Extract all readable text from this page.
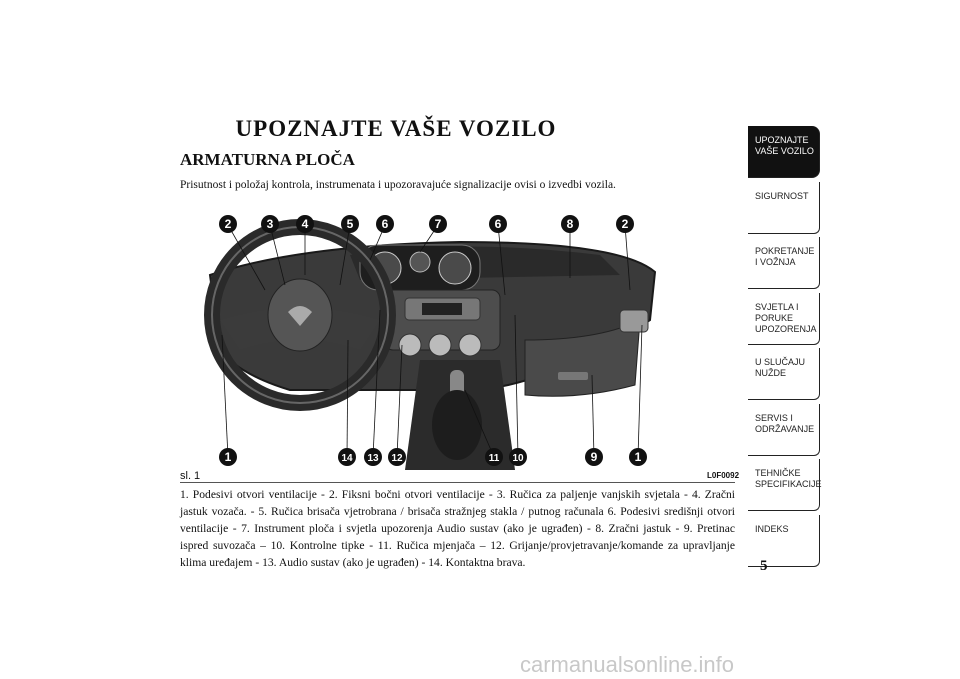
UPOZNAJTE VAŠE VOZILO
ARMATURNA PLOČA

Prisutnost i položaj kontrola, instrumenata i upozoravajuće signalizacije ovisi o izvedbi vozila.

2	3 4	5 6	7	6	8	2
1	14 13 12	11 10	9	1
sl. 1	L0F0092

1. Podesivi otvori ventilacije - 2. Fiksni bočni otvori ventilacije - 3. Ručica za paljenje vanjskih svjetala - 4. Zračni jastuk vozača. - 5. Ručica brisača vjetrobrana / brisača stražnjeg stakla / putnog računala 6. Podesivi središnji otvori ventilacije - 7. Instrument ploča i svjetla upozorenja Audio sustav (ako je ugrađen) - 8. Zračni jastuk - 9. Pretinac ispred suvozača – 10. Kontrolne tipke - 11. Ručica mjenjača – 12. Grijanje/provjetravanje/komande za upravljanje klima uređajem - 13. Audio sustav (ako je ugrađen) - 14. Kontaktna brava.

UPOZNAJTE VAŠE VOZILO
SIGURNOST
POKRETANJE I VOŽNJA
SVJETLA I PORUKE UPOZORENJA
U SLUČAJU NUŽDE
SERVIS I ODRŽAVANJE
TEHNIČKE SPECIFIKACIJE
INDEKS
5
carmanualsonline.info
